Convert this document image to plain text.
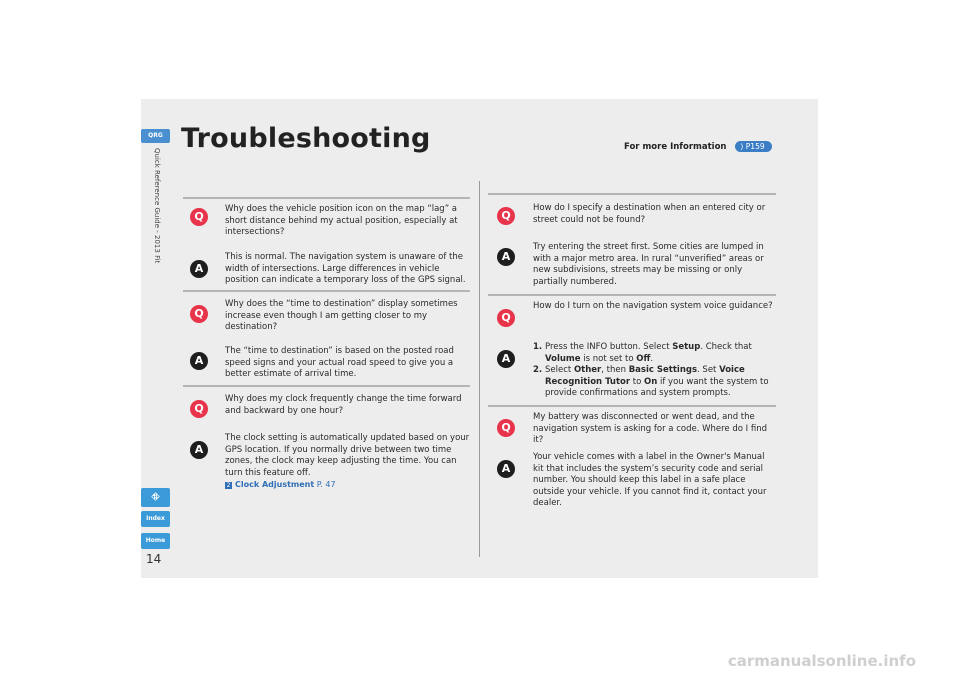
QRG
Quick Reference Guide - 2013 Fit
⛗
Index
Home
14
Troubleshooting	For more Information ⟩ P159
Q
Why does the vehicle position icon on the map “lag” a short distance behind my actual position, especially at intersections?
A
This is normal. The navigation system is unaware of the width of intersections. Large differences in vehicle position can indicate a temporary loss of the GPS signal.
Q
Why does the “time to destination” display sometimes increase even though I am getting closer to my destination?
A
The “time to destination” is based on the posted road speed signs and your actual road speed to give you a better estimate of arrival time.
Q
Why does my clock frequently change the time forward and backward by one hour?
A
The clock setting is automatically updated based on your GPS location. If you normally drive between two time zones, the clock may keep adjusting the time. You can turn this feature off.
2 Clock Adjustment P. 47
Q
How do I specify a destination when an entered city or street could not be found?
A
Try entering the street first. Some cities are lumped in with a major metro area. In rural “unverified” areas or new subdivisions, streets may be missing or only partially numbered.
Q
How do I turn on the navigation system voice guidance?
A
1. Press the INFO button. Select Setup. Check that Volume is not set to Off.
2. Select Other, then Basic Settings. Set Voice Recognition Tutor to On if you want the system to provide confirmations and system prompts.
Q
My battery was disconnected or went dead, and the navigation system is asking for a code. Where do I find it?
A
Your vehicle comes with a label in the Owner's Manual kit that includes the system’s security code and serial number. You should keep this label in a safe place outside your vehicle. If you cannot find it, contact your dealer.
carmanualsonline.info
